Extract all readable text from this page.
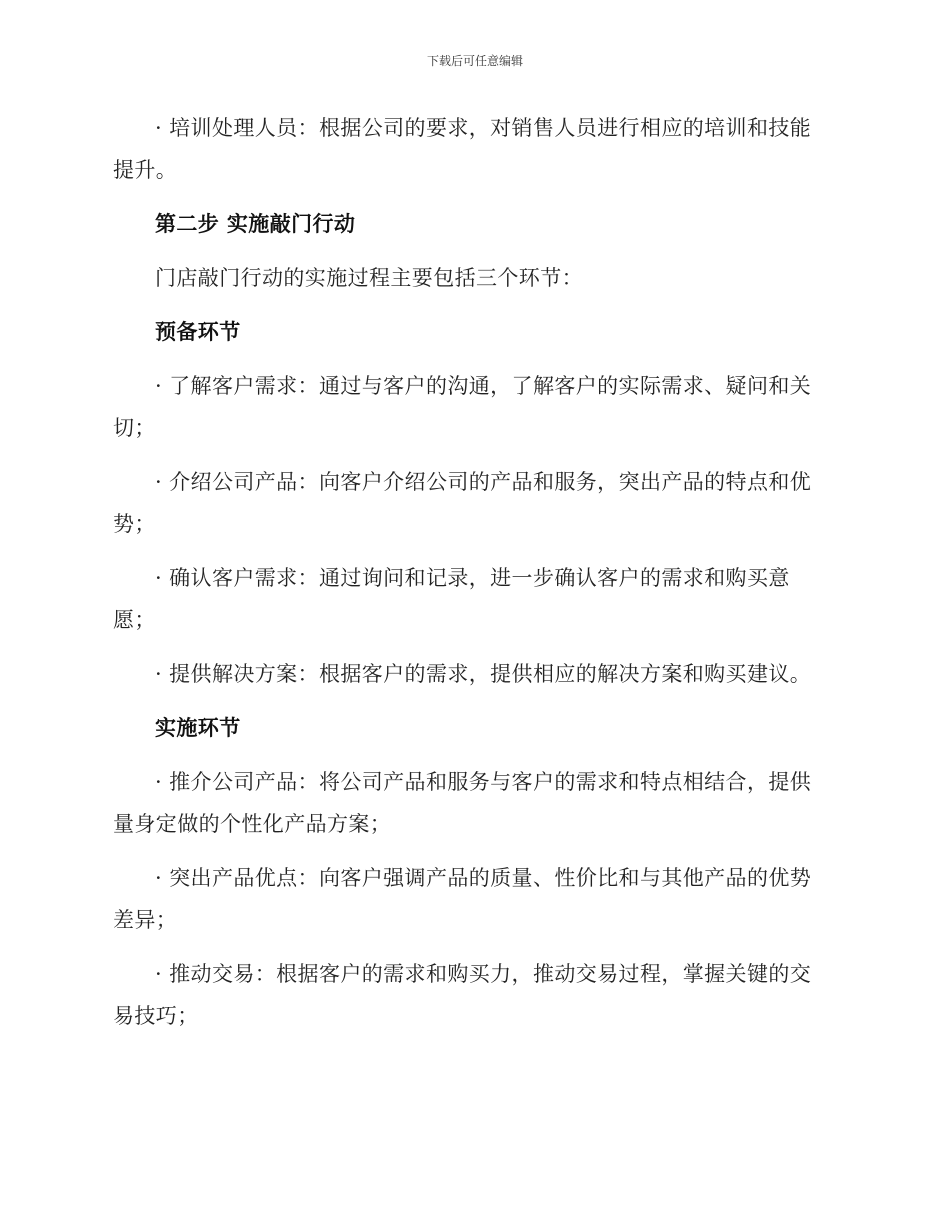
下载后可任意编辑

· 培训处理人员：根据公司的要求，对销售人员进行相应的培训和技能提升。

第二步 实施敲门行动

门店敲门行动的实施过程主要包括三个环节：

预备环节

· 了解客户需求：通过与客户的沟通，了解客户的实际需求、疑问和关切；

· 介绍公司产品：向客户介绍公司的产品和服务，突出产品的特点和优势；

· 确认客户需求：通过询问和记录，进一步确认客户的需求和购买意愿；

· 提供解决方案：根据客户的需求，提供相应的解决方案和购买建议。

实施环节

· 推介公司产品：将公司产品和服务与客户的需求和特点相结合，提供量身定做的个性化产品方案；

· 突出产品优点：向客户强调产品的质量、性价比和与其他产品的优势差异；

· 推动交易：根据客户的需求和购买力，推动交易过程，掌握关键的交易技巧；
